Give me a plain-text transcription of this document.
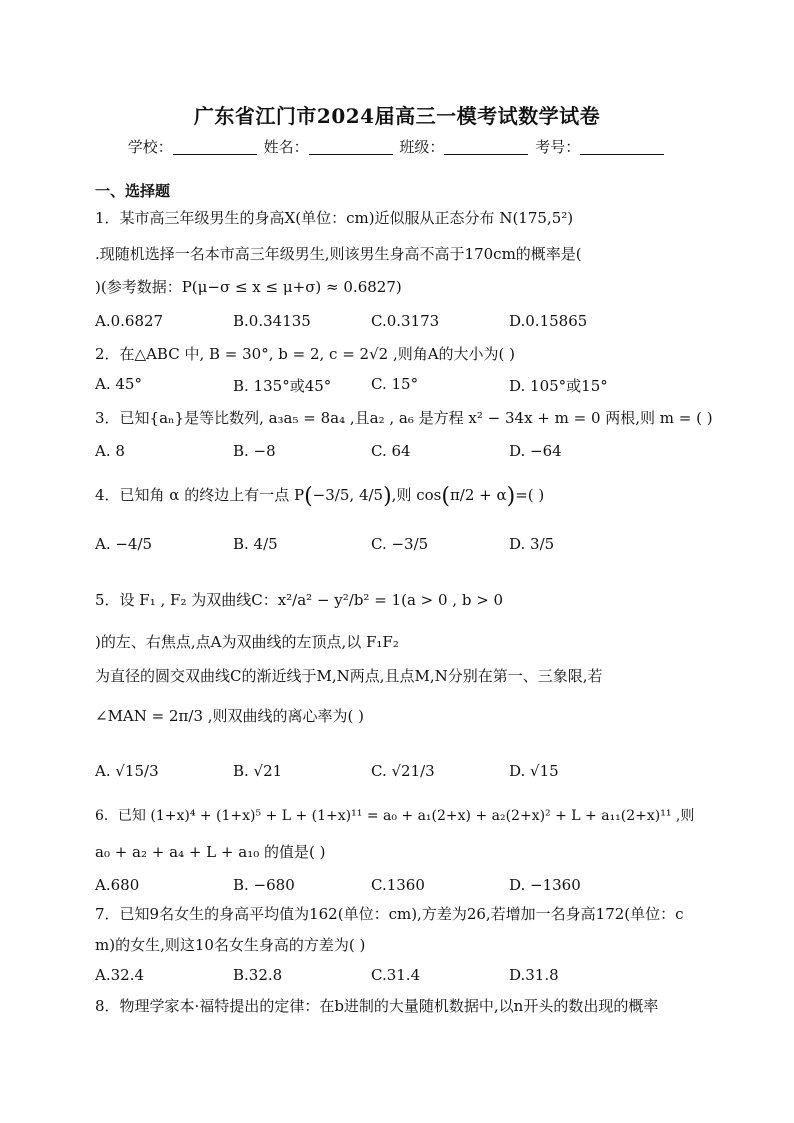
广东省江门市2024届高三一模考试数学试卷
学校：	姓名：	班级：	考号：
一、选择题
1．某市高三年级男生的身高X(单位：cm)近似服从正态分布 N(175,5²)
.现随机选择一名本市高三年级男生,则该男生身高不高于170cm的概率是(
)(参考数据：P(μ−σ ≤ x ≤ μ+σ) ≈ 0.6827)
A.0.6827	B.0.34135	C.0.3173	D.0.15865
2．在△ABC 中, B = 30°, b = 2, c = 2√2 ,则角A的大小为( )
A. 45°	B. 135°或45°	C. 15°	D. 105°或15°
3．已知{aₙ}是等比数列, a₃a₅ = 8a₄ ,且a₂ , a₆ 是方程 x² − 34x + m = 0 两根,则 m = ( )
A. 8	B. −8	C. 64	D. −64
4．已知角 α 的终边上有一点 P(−3/5, 4/5),则 cos(π/2 + α)=( )
A. −4/5	B. 4/5	C. −3/5	D. 3/5
5．设 F₁ , F₂ 为双曲线C：x²/a² − y²/b² = 1(a > 0 , b > 0
)的左、右焦点,点A为双曲线的左顶点,以 F₁F₂
为直径的圆交双曲线C的渐近线于M,N两点,且点M,N分别在第一、三象限,若
∠MAN = 2π/3 ,则双曲线的离心率为( )
A. √15/3	B. √21	C. √21/3	D. √15
6．已知 (1+x)⁴ + (1+x)⁵ + L + (1+x)¹¹ = a₀ + a₁(2+x) + a₂(2+x)² + L + a₁₁(2+x)¹¹ ,则
a₀ + a₂ + a₄ + L + a₁₀ 的值是( )
A.680	B. −680	C.1360	D. −1360
7．已知9名女生的身高平均值为162(单位：cm),方差为26,若增加一名身高172(单位：c
m)的女生,则这10名女生身高的方差为( )
A.32.4	B.32.8	C.31.4	D.31.8
8．物理学家本·福特提出的定律：在b进制的大量随机数据中,以n开头的数出现的概率
